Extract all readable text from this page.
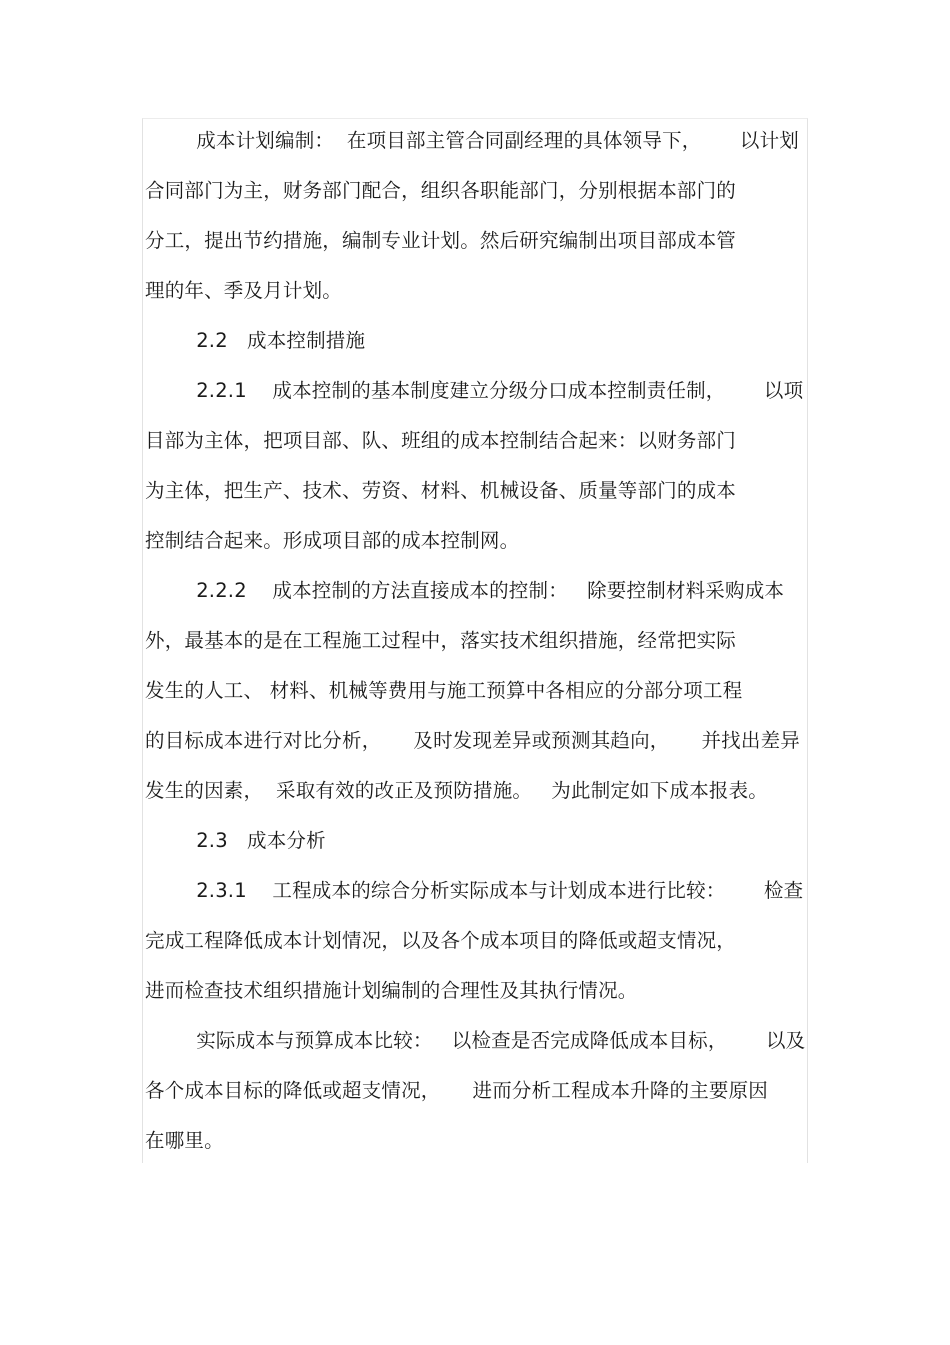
成本计划编制：  在项目部主管合同副经理的具体领导下，      以计划
合同部门为主，财务部门配合，组织各职能部门，分别根据本部门的
分工，提出节约措施，编制专业计划。然后研究编制出项目部成本管
理的年、季及月计划。
2.2   成本控制措施
2.2.1    成本控制的基本制度建立分级分口成本控制责任制，      以项
目部为主体，把项目部、队、班组的成本控制结合起来：以财务部门
为主体，把生产、技术、劳资、材料、机械设备、质量等部门的成本
控制结合起来。形成项目部的成本控制网。
2.2.2    成本控制的方法直接成本的控制：   除要控制材料采购成本
外，最基本的是在工程施工过程中，落实技术组织措施，经常把实际
发生的人工、 材料、机械等费用与施工预算中各相应的分部分项工程
的目标成本进行对比分析，     及时发现差异或预测其趋向，     并找出差异
发生的因素，  采取有效的改正及预防措施。   为此制定如下成本报表。
2.3   成本分析
2.3.1    工程成本的综合分析实际成本与计划成本进行比较：      检查
完成工程降低成本计划情况，以及各个成本项目的降低或超支情况，
进而检查技术组织措施计划编制的合理性及其执行情况。
实际成本与预算成本比较：   以检查是否完成降低成本目标，      以及
各个成本目标的降低或超支情况，     进而分析工程成本升降的主要原因
在哪里。
